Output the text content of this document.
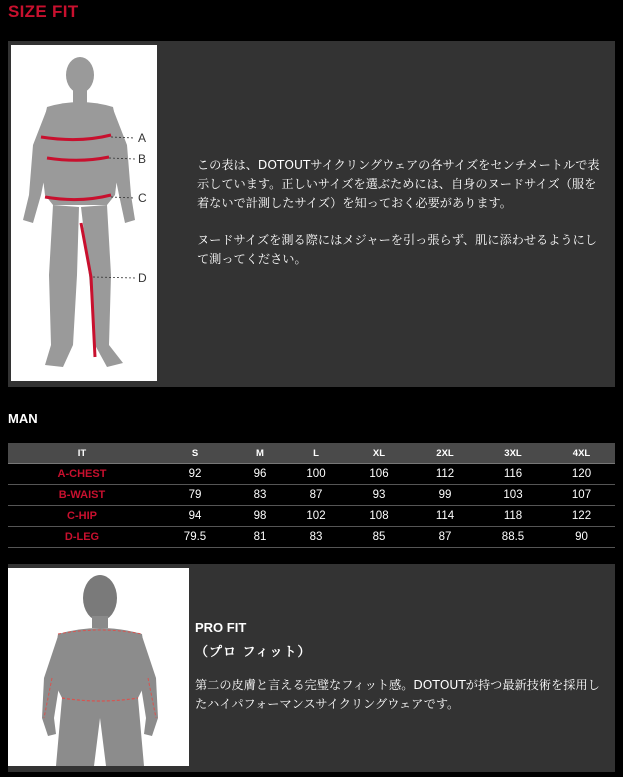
SIZE FIT
A
B
C
D

この表は、DOTOUTサイクリングウェアの各サイズをセンチメートルで表示しています。正しいサイズを選ぶためには、自身のヌードサイズ（服を着ないで計測したサイズ）を知っておく必要があります。

ヌードサイズを測る際にはメジャーを引っ張らず、肌に添わせるようにして測ってください。

MAN
IT	S	M	L	XL	2XL	3XL	4XL
A-CHEST	92	96	100	106	112	116	120
B-WAIST	79	83	87	93	99	103	107
C-HIP	94	98	102	108	114	118	122
D-LEG	79.5	81	83	85	87	88.5	90
PRO FIT
（プロ フィット）
第二の皮膚と言える完璧なフィット感。DOTOUTが持つ最新技術を採用したハイパフォーマンスサイクリングウェアです。
